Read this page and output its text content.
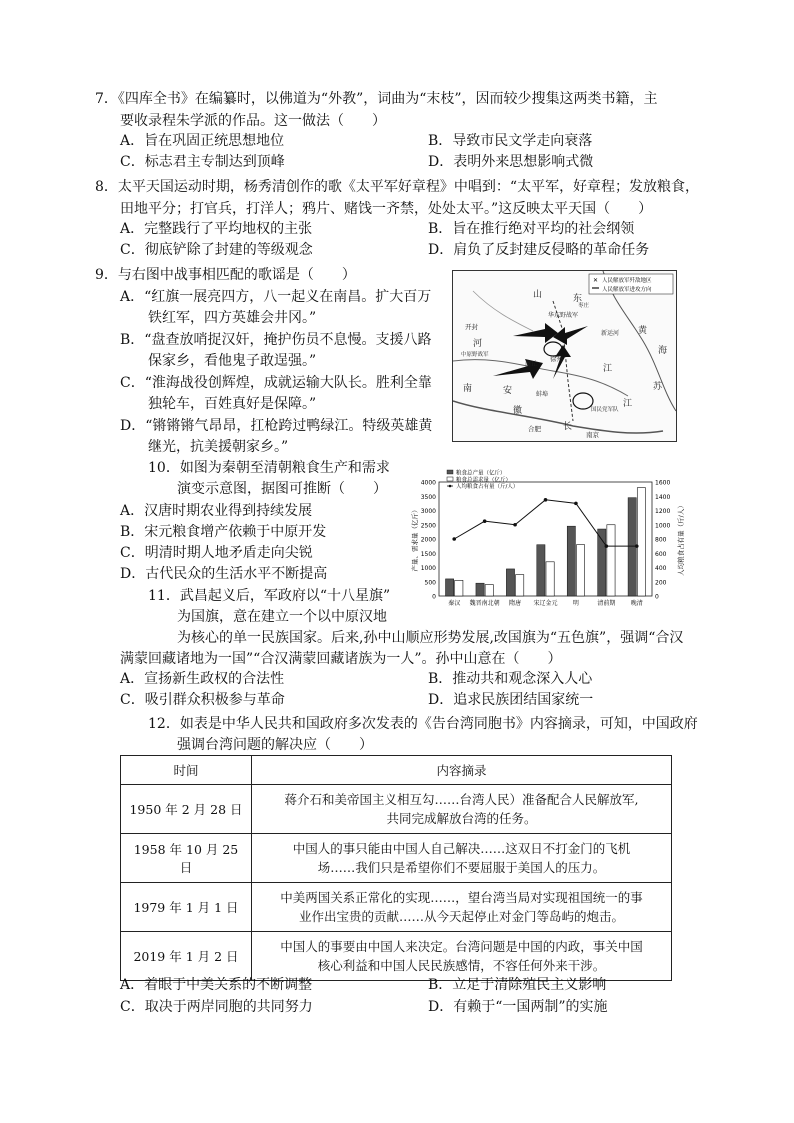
7．《四库全书》在编纂时，以佛道为“外教”，词曲为“末枝”，因而较少搜集这两类书籍，主
要收录程朱学派的作品。这一做法（　　）
A．旨在巩固正统思想地位	B．导致市民文学走向衰落
C．标志君主专制达到顶峰	D．表明外来思想影响式微
8．太平天国运动时期，杨秀清创作的歌《太平军好章程》中唱到：“太平军，好章程；发放粮食，
田地平分；打官兵，打洋人；鸦片、赌饯一齐禁，处处太平。”这反映太平天国（　　）
A．完整践行了平均地权的主张	B．旨在推行绝对平均的社会纲领
C．彻底铲除了封建的等级观念	D．肩负了反封建反侵略的革命任务
9．与右图中战事相匹配的歌谣是（　　）
A．“红旗一展亮四方，八一起义在南昌。扩大百万
铁红军，四方英雄会井冈。”
B．“盘查放哨捉汉奸，掩护伤员不息慢。支援八路
保家乡，看他鬼子敢逞强。”
C．“淮海战役创辉煌，成就运输大队长。胜利全靠
独轮车，百姓真好是保障。”
D．“锵锵锵气昂昂，扛枪跨过鸭绿江。特级英雄黄
继光，抗美援朝家乡。”
✕ 人民解放军歼敌地区
人民解放军进攻方向
山	东
华东野战军
新运河 黄
海
开封
河
中原野战军
商丘
徐州
江
蚌埠
南	安
徽	国民党军队
江
合肥
南京
苏
长
枣庄
10．如图为秦朝至清朝粮食生产和需求
演变示意图，据图可推断（　　）
A．汉唐时期农业得到持续发展
B．宋元粮食增产依赖于中原开发
C．明清时期人地矛盾走向尖锐
D．古代民众的生活水平不断提高
4000
3500
3000
2500
2000
1500
1000
500
0
1600
1400
1200
1000
800
600
400
200
0
产量、需求量（亿斤）	人均粮食占有量（斤/人）
秦汉 魏晋南北朝 隋唐 宋辽金元	明	清前期	晚清
粮食总产量（亿斤）
粮食总需求量（亿斤）
人均粮食占有量（斤/人）
11．武昌起义后，军政府以“十八星旗”
为国旗，意在建立一个以中原汉地
为核心的单一民族国家。后来,孙中山顺应形势发展,改国旗为“五色旗”，强调“合汉
满蒙回藏诸地为一国”“合汉满蒙回藏诸族为一人”。孙中山意在（　　）
A．宣扬新生政权的合法性	B．推动共和观念深入人心
C．吸引群众积极参与革命	D．追求民族团结国家统一
12．如表是中华人民共和国政府多次发表的《告台湾同胞书》内容摘录，可知，中国政府
强调台湾问题的解决应（　　）
时间	内容摘录
1950 年 2 月 28 日	蒋介石和美帝国主义相互勾……台湾人民）准备配合人民解放军,
共同完成解放台湾的任务。
1958 年 10 月 25 日	中国人的事只能由中国人自己解决……这双日不打金门的飞机
场……我们只是希望你们不要屈服于美国人的压力。
1979 年 1 月 1 日	中美两国关系正常化的实现……，望台湾当局对实现祖国统一的事
业作出宝贵的贡献……从今天起停止对金门等岛屿的炮击。
2019 年 1 月 2 日	中国人的事要由中国人来决定。台湾问题是中国的内政，事关中国
核心利益和中国人民民族感情，不容任何外来干涉。
A．着眼于中美关系的不断调整	B．立足于清除殖民主义影响
C．取决于两岸同胞的共同努力	D．有赖于“一国两制”的实施
